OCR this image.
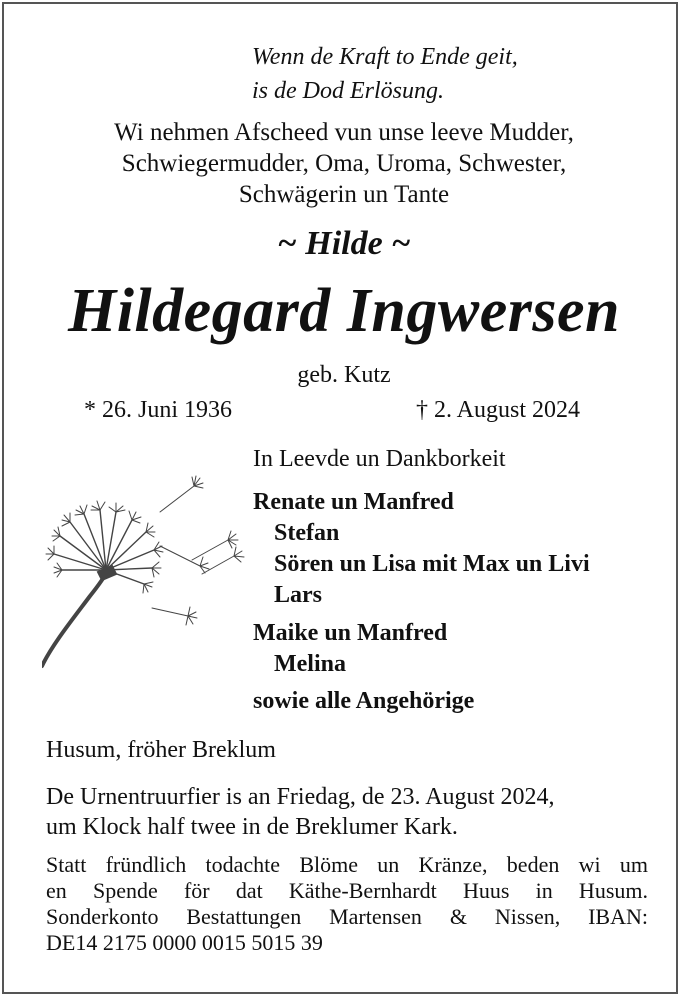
Wenn de Kraft to Ende geit,
is de Dod Erlösung.
Wi nehmen Afscheed vun unse leeve Mudder,
Schwiegermudder, Oma, Uroma, Schwester,
Schwägerin un Tante
~ Hilde ~
Hildegard Ingwersen
geb. Kutz
* 26. Juni 1936	† 2. August 2024
In Leevde un Dankborkeit
Renate un Manfred
Stefan
Sören un Lisa mit Max un Livi
Lars
Maike un Manfred
Melina
sowie alle Angehörige
Husum, fröher Breklum
De Urnentruurfier is an Friedag, de 23. August 2024,
um Klock half twee in de Breklumer Kark.
Statt fründlich todachte Blöme un Kränze, beden wi um
en Spende för dat Käthe-Bernhardt Huus in Husum.
Sonderkonto Bestattungen Martensen & Nissen, IBAN:
DE14 2175 0000 0015 5015 39
